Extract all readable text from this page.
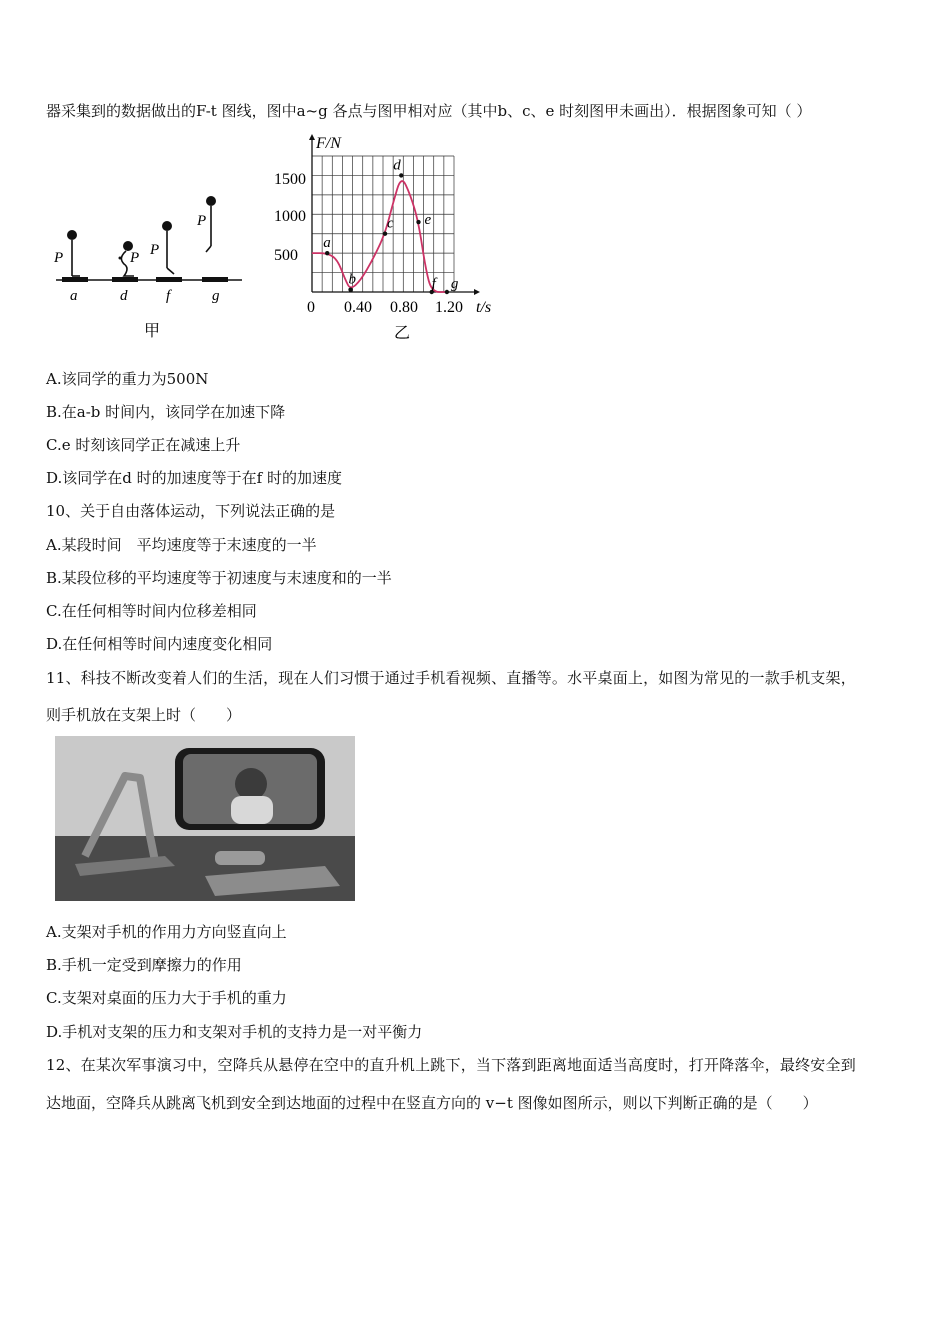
器采集到的数据做出的F-t 图线，图中a~g 各点与图甲相对应（其中b、c、e 时刻图甲未画出）．根据图象可知（ ）
P	P P
P
a	d	f	g
甲
a
b
c
d
e
f g
F/N
t/s
0 0.40 0.80 1.20
500
1000
1500
乙
A.该同学的重力为500N
B.在a-b 时间内，该同学在加速下降
C.e 时刻该同学正在减速上升
D.该同学在d 时的加速度等于在f 时的加速度
10、关于自由落体运动，下列说法正确的是
A.某段时间　平均速度等于末速度的一半
B.某段位移的平均速度等于初速度与末速度和的一半
C.在任何相等时间内位移差相同
D.在任何相等时间内速度变化相同
11、科技不断改变着人们的生活，现在人们习惯于通过手机看视频、直播等。水平桌面上，如图为常见的一款手机支架，
则手机放在支架上时（　　）
A.支架对手机的作用力方向竖直向上
B.手机一定受到摩擦力的作用
C.支架对桌面的压力大于手机的重力
D.手机对支架的压力和支架对手机的支持力是一对平衡力
12、在某次军事演习中，空降兵从悬停在空中的直升机上跳下，当下落到距离地面适当高度时，打开降落伞，最终安全到
达地面，空降兵从跳离飞机到安全到达地面的过程中在竖直方向的 v−t 图像如图所示，则以下判断正确的是（　　）
